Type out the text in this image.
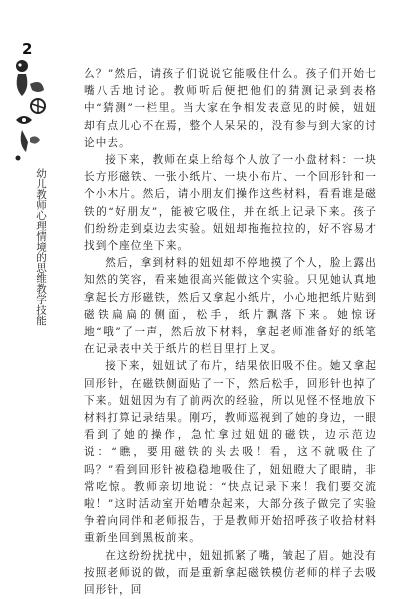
2
幼儿教师心理情境的思维教学技能

么？”然后，请孩子们说说它能吸住什么。孩子们开始七嘴八舌地讨论。教师听后便把他们的猜测记录到表格中“猜测”一栏里。当大家在争相发表意见的时候，妞妞却有点儿心不在焉，整个人呆呆的，没有参与到大家的讨论中去。

接下来，教师在桌上给每个人放了一小盘材料：一块长方形磁铁、一张小纸片、一块小布片、一个回形针和一个小木片。然后，请小朋友们操作这些材料，看看谁是磁铁的“好朋友”，能被它吸住，并在纸上记录下来。孩子们纷纷走到桌边去实验。妞妞却拖拖拉拉的，好不容易才找到个座位坐下来。

然后，拿到材料的妞妞却不停地摸了个人，脸上露出知然的笑容，看来她很高兴能做这个实验。只见她认真地拿起长方形磁铁，然后又拿起小纸片，小心地把纸片贴到磁铁扁扁的侧面，松手，纸片飘落下来。她惊讶地“哦”了一声，然后放下材料，拿起老师准备好的纸笔在记录表中关于纸片的栏目里打上叉。

接下来，妞妞试了布片，结果依旧吸不住。她又拿起回形针，在磁铁侧面贴了一下，然后松手，回形针也掉了下来。妞妞因为有了前两次的经验，所以见怪不怪地放下材料打算记录结果。刚巧，教师巡视到了她的身边，一眼看到了她的操作，急忙拿过妞妞的磁铁，边示范边说：“瞧，要用磁铁的头去吸！看，这不就吸住了吗？”看到回形针被稳稳地吸住了，妞妞瞪大了眼睛，非常吃惊。教师亲切地说：“快点记录下来！我们要交流啦！”这时活动室开始嘈杂起来，大部分孩子做完了实验争着向同伴和老师报告，于是教师开始招呼孩子收拾材料重新坐回到黑板前来。

在这纷纷扰扰中，妞妞抓紧了嘴，皱起了眉。她没有按照老师说的做，而是重新拿起磁铁模仿老师的样子去吸回形针，回
